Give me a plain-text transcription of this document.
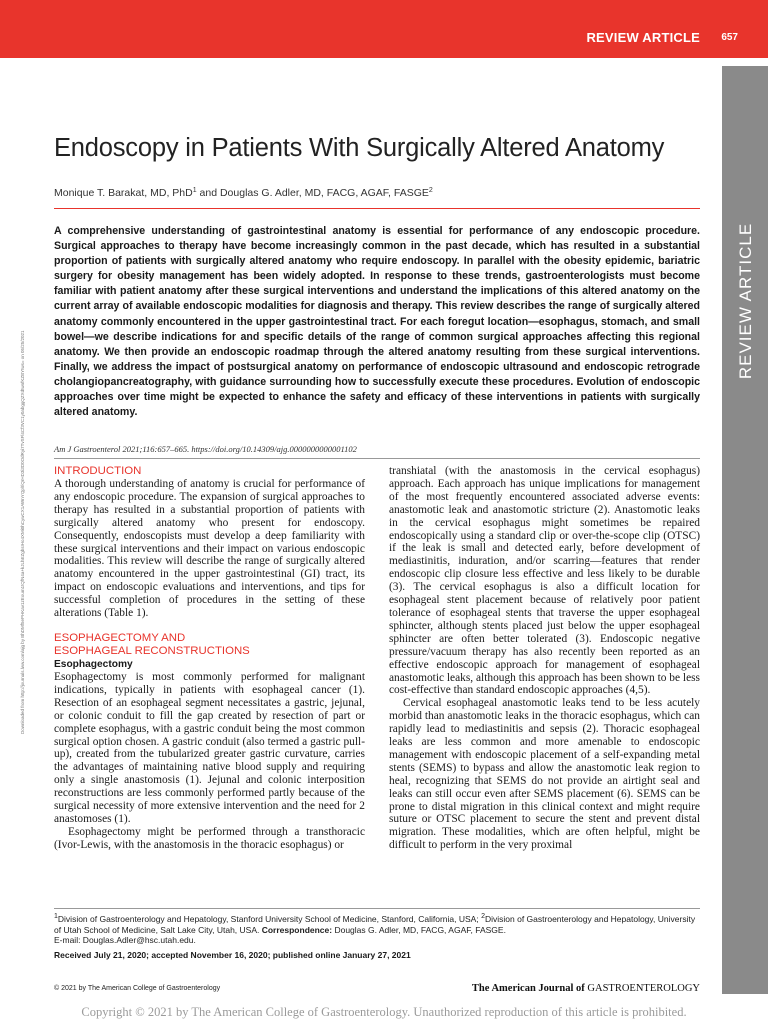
REVIEW ARTICLE 657
REVIEW ARTICLE
Downloaded from http://journals.lww.com/ajg by BhDMf5ePHKav1zEoum1tQfN4a+kJLhEZgbsIHo4XMi0hCywCX1AWnYQp/IlQrHD3i3D0OdRyi7TvSFl4Cf3VC1y0abggQZXdtwnfKZBYtws= on 05/25/2021
Endoscopy in Patients With Surgically Altered Anatomy
Monique T. Barakat, MD, PhD$^1$ and Douglas G. Adler, MD, FACG, AGAF, FASGE$^2$

A comprehensive understanding of gastrointestinal anatomy is essential for performance of any endoscopic procedure. Surgical approaches to therapy have become increasingly common in the past decade, which has resulted in a substantial proportion of patients with surgically altered anatomy who require endoscopy. In parallel with the obesity epidemic, bariatric surgery for obesity management has been widely adopted. In response to these trends, gastroenterologists must become familiar with patient anatomy after these surgical interventions and understand the implications of this altered anatomy on the current array of available endoscopic modalities for diagnosis and therapy. This review describes the range of surgically altered anatomy commonly encountered in the upper gastrointestinal tract. For each foregut location—esophagus, stomach, and small bowel—we describe indications for and specific details of the range of common surgical approaches affecting this regional anatomy. We then provide an endoscopic roadmap through the altered anatomy resulting from these surgical interventions. Finally, we address the impact of postsurgical anatomy on performance of endoscopic ultrasound and endoscopic retrograde cholangiopancreatography, with guidance surrounding how to successfully execute these procedures. Evolution of endoscopic approaches over time might be expected to enhance the safety and efficacy of these interventions in patients with surgically altered anatomy.

Am J Gastroenterol 2021;116:657–665. https://doi.org/10.14309/ajg.0000000000001102
INTRODUCTION

A thorough understanding of anatomy is crucial for performance of any endoscopic procedure. The expansion of surgical approaches to therapy has resulted in a substantial proportion of patients with surgically altered anatomy who present for endoscopy. Consequently, endoscopists must develop a deep familiarity with these surgical interventions and their impact on various endoscopic modalities. This review will describe the range of surgically altered anatomy encountered in the upper gastrointestinal (GI) tract, its impact on endoscopic evaluations and interventions, and tips for successful completion of procedures in the setting of these alterations (Table 1).

ESOPHAGECTOMY AND
ESOPHAGEAL RECONSTRUCTIONS
Esophagectomy

Esophagectomy is most commonly performed for malignant indications, typically in patients with esophageal cancer (1). Resection of an esophageal segment necessitates a gastric, jejunal, or colonic conduit to fill the gap created by resection of part or complete esophagus, with a gastric conduit being the most common surgical option chosen. A gastric conduit (also termed a gastric pull-up), created from the tubularized greater gastric curvature, carries the advantages of maintaining native blood supply and requiring only a single anastomosis (1). Jejunal and colonic interposition reconstructions are less commonly performed partly because of the surgical necessity of more extensive intervention and the need for 2 anastomoses (1).

Esophagectomy might be performed through a transthoracic (Ivor-Lewis, with the anastomosis in the thoracic esophagus) or

transhiatal (with the anastomosis in the cervical esophagus) approach. Each approach has unique implications for management of the most frequently encountered associated adverse events: anastomotic leak and anastomotic stricture (2). Anastomotic leaks in the cervical esophagus might sometimes be repaired endoscopically using a standard clip or over-the-scope clip (OTSC) if the leak is small and detected early, before development of mediastinitis, induration, and/or scarring—features that render endoscopic clip closure less effective and less likely to be durable (3). The cervical esophagus is also a difficult location for esophageal stent placement because of relatively poor patient tolerance of esophageal stents that traverse the upper esophageal sphincter, although stents placed just below the upper esophageal sphincter are often better tolerated (3). Endoscopic negative pressure/vacuum therapy has also recently been reported as an effective endoscopic approach for management of esophageal anastomotic leaks, although this approach has been shown to be less cost-effective than standard endoscopic approaches (4,5).

Cervical esophageal anastomotic leaks tend to be less acutely morbid than anastomotic leaks in the thoracic esophagus, which can rapidly lead to mediastinitis and sepsis (2). Thoracic esophageal leaks are less common and more amenable to endoscopic management with endoscopic placement of a self-expanding metal stents (SEMS) to bypass and allow the anastomotic leak region to heal, recognizing that SEMS do not provide an airtight seal and leaks can still occur even after SEMS placement (6). SEMS can be prone to distal migration in this clinical context and might require suture or OTSC placement to secure the stent and prevent distal migration. These modalities, which are often helpful, might be difficult to perform in the very proximal

$^1$Division of Gastroenterology and Hepatology, Stanford University School of Medicine, Stanford, California, USA; $^2$Division of Gastroenterology and Hepatology, University of Utah School of Medicine, Salt Lake City, Utah, USA. Correspondence: Douglas G. Adler, MD, FACG, AGAF, FASGE.
E-mail: Douglas.Adler@hsc.utah.edu.
Received July 21, 2020; accepted November 16, 2020; published online January 27, 2021
© 2021 by The American College of Gastroenterology	The American Journal of GASTROENTEROLOGY
Copyright © 2021 by The American College of Gastroenterology. Unauthorized reproduction of this article is prohibited.
